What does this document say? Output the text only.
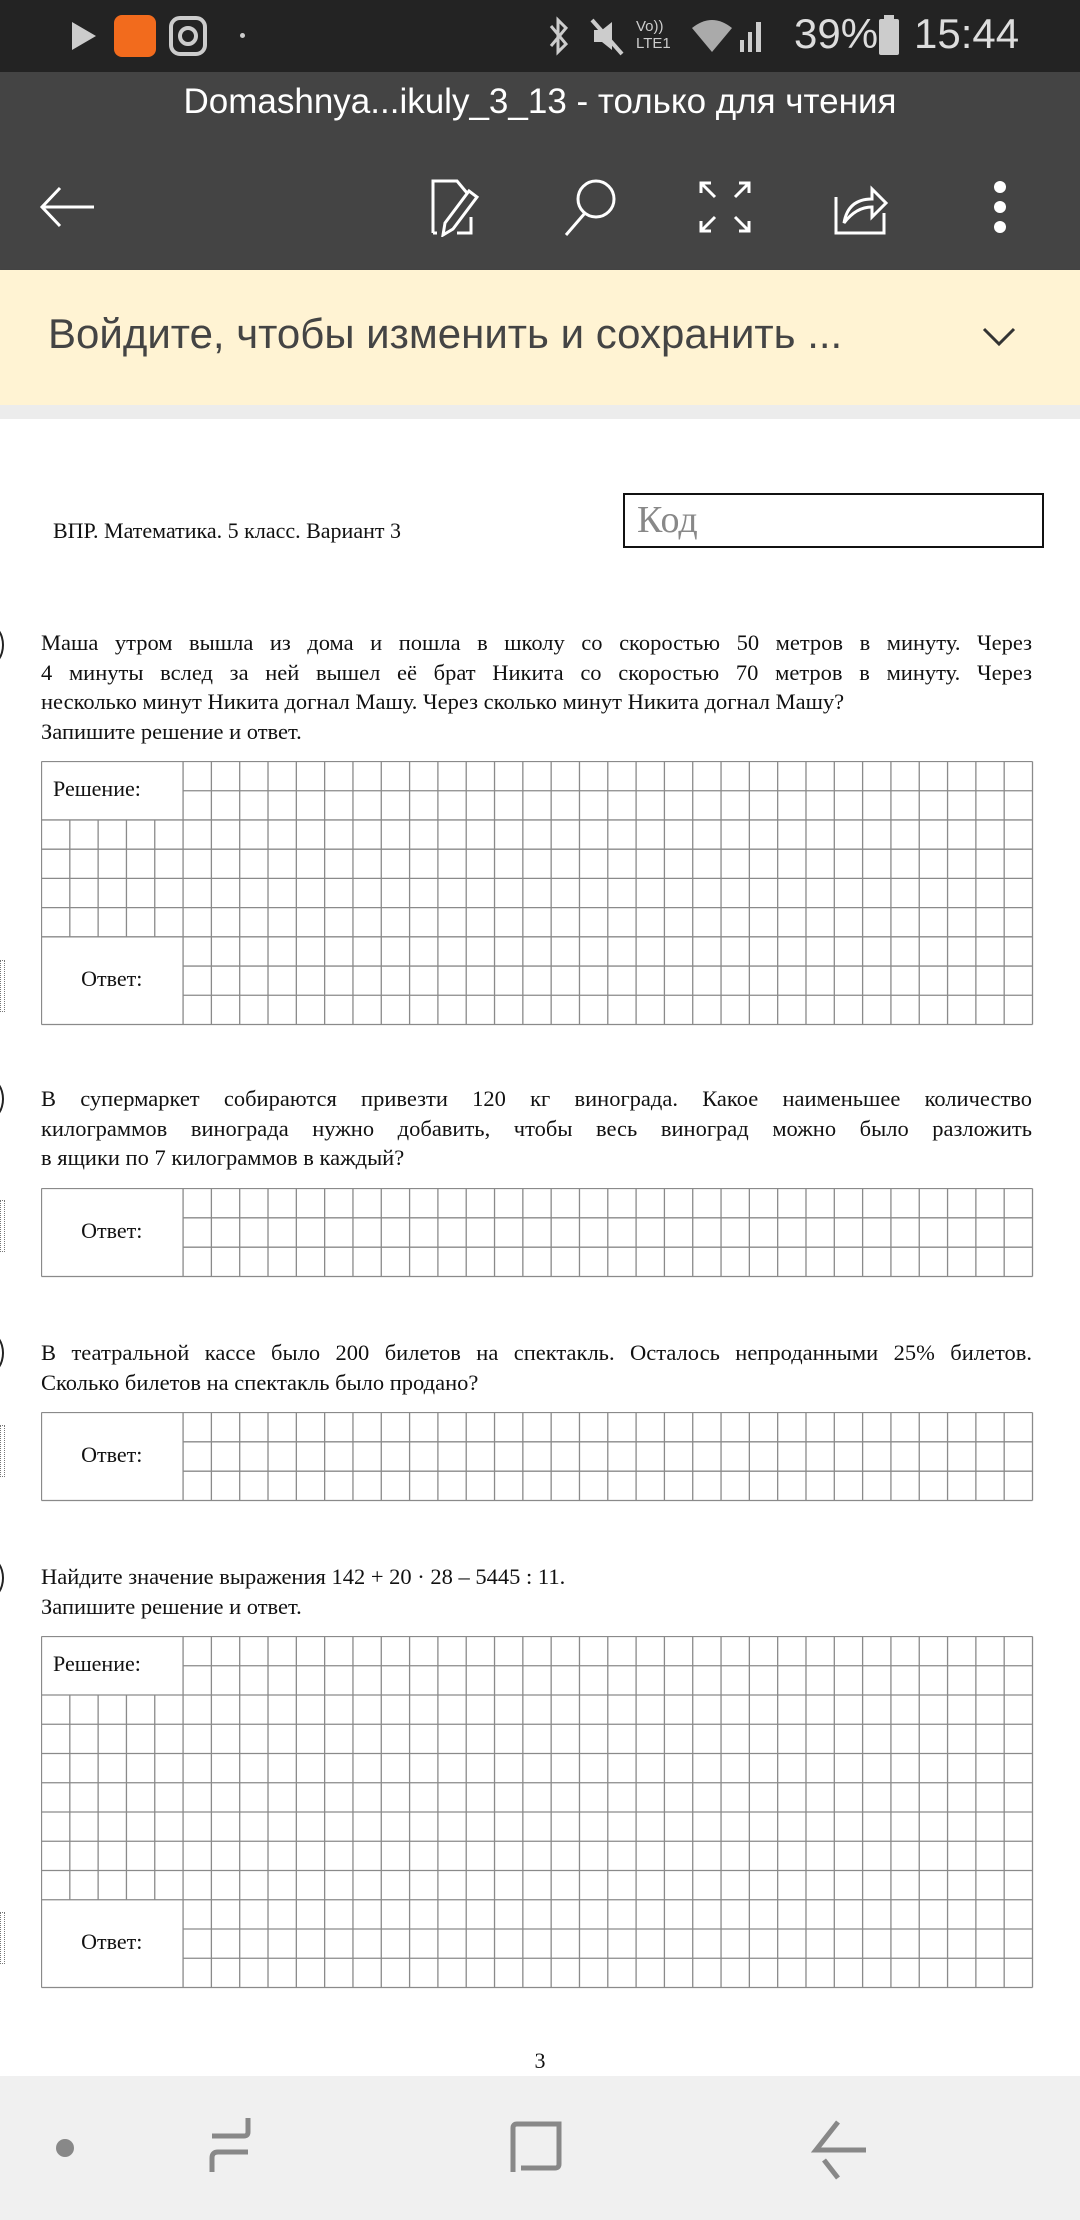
Vo))
LTE1	39% 15:44
Domashnya...ikuly_3_13 - только для чтения
Войдите, чтобы изменить и сохранить ...
ВПР. Математика. 5 класс. Вариант 3	Код
Маша утром вышла из дома и пошла в школу со скоростью 50 метров в минуту. Через
4 минуты вслед за ней вышел её брат Никита со скоростью 70 метров в минуту. Через
несколько минут Никита догнал Машу. Через сколько минут Никита догнал Машу?
Запишите решение и ответ.
Решение:
Ответ:
В супермаркет собираются привезти 120 кг винограда. Какое наименьшее количество
килограммов винограда нужно добавить, чтобы весь виноград можно было разложить
в ящики по 7 килограммов в каждый?
Ответ:
В театральной кассе было 200 билетов на спектакль. Осталось непроданными 25% билетов.
Сколько билетов на спектакль было продано?
Ответ:
Найдите значение выражения 142 + 20 · 28 – 5445 : 11.
Запишите решение и ответ.
Решение:
Ответ:
3
